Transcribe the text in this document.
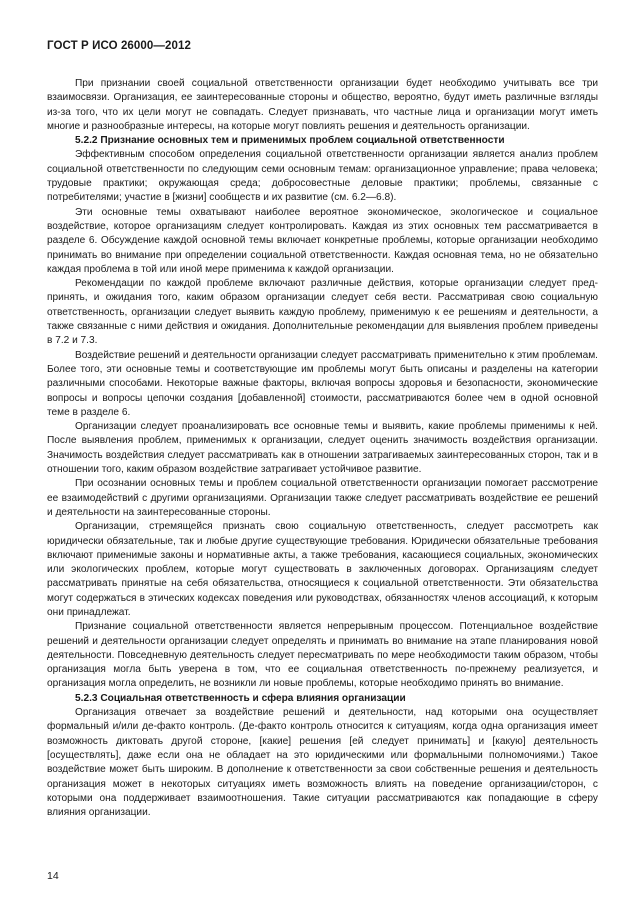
ГОСТ Р ИСО 26000—2012

При признании своей социальной ответственности организации будет необходимо учитывать все три взаимосвязи. Организация, ее заинтересованные стороны и общество, вероятно, будут иметь различные взгляды из-за того, что их цели могут не совпадать. Следует признавать, что частные лица и организации могут иметь многие и разнообразные интересы, на которые могут повлиять решения и деятельность организации.

5.2.2 Признание основных тем и применимых проблем социальной ответственности

Эффективным способом определения социальной ответственности организации является анализ проблем социальной ответственности по следующим семи основным темам: организационное управление; права человека; трудовые практики; окружающая среда; добросовестные деловые практики; проблемы, связанные с потребителями; участие в [жизни] сообществ и их развитие (см. 6.2—6.8).

Эти основные темы охватывают наиболее вероятное экономическое, экологическое и социальное воздействие, которое организациям следует контролировать. Каждая из этих основных тем рассматривается в разделе 6. Обсуждение каждой основной темы включает конкретные проблемы, которые организации необходимо принимать во внимание при определении социальной ответственности. Каждая основная тема, но не обязательно каждая проблема в той или иной мере применима к каждой организации.

Рекомендации по каждой проблеме включают различные действия, которые организации следует предпринять, и ожидания того, каким образом организации следует себя вести. Рассматривая свою социальную ответственность, организации следует выявить каждую проблему, применимую к ее решениям и деятельности, а также связанные с ними действия и ожидания. Дополнительные рекомендации для выявления проблем приведены в 7.2 и 7.3.

Воздействие решений и деятельности организации следует рассматривать применительно к этим проблемам. Более того, эти основные темы и соответствующие им проблемы могут быть описаны и разделены на категории различными способами. Некоторые важные факторы, включая вопросы здоровья и безопасности, экономические вопросы и вопросы цепочки создания [добавленной] стоимости, рассматриваются более чем в одной основной теме в разделе 6.

Организации следует проанализировать все основные темы и выявить, какие проблемы применимы к ней. После выявления проблем, применимых к организации, следует оценить значимость воздействия организации. Значимость воздействия следует рассматривать как в отношении затрагиваемых заинтересованных сторон, так и в отношении того, каким образом воздействие затрагивает устойчивое развитие.

При осознании основных темы и проблем социальной ответственности организации помогает рассмотрение ее взаимодействий с другими организациями. Организации также следует рассматривать воздействие ее решений и деятельности на заинтересованные стороны.

Организации, стремящейся признать свою социальную ответственность, следует рассмотреть как юридически обязательные, так и любые другие существующие требования. Юридически обязательные требования включают применимые законы и нормативные акты, а также требования, касающиеся социальных, экономических или экологических проблем, которые могут существовать в заключенных договорах. Организациям следует рассматривать принятые на себя обязательства, относящиеся к социальной ответственности. Эти обязательства могут содержаться в этических кодексах поведения или руководствах, обязанностях членов ассоциаций, к которым они принадлежат.

Признание социальной ответственности является непрерывным процессом. Потенциальное воздействие решений и деятельности организации следует определять и принимать во внимание на этапе планирования новой деятельности. Повседневную деятельность следует пересматривать по мере необходимости таким образом, чтобы организация могла быть уверена в том, что ее социальная ответственность по-прежнему реализуется, и организация могла определить, не возникли ли новые проблемы, которые необходимо принять во внимание.

5.2.3 Социальная ответственность и сфера влияния организации

Организация отвечает за воздействие решений и деятельности, над которыми она осуществляет формальный и/или де-факто контроль. (Де-факто контроль относится к ситуациям, когда одна организация имеет возможность диктовать другой стороне, [какие] решения [ей следует принимать] и [какую] деятельность [осуществлять], даже если она не обладает на это юридическими или формальными полномочиями.) Такое воздействие может быть широким. В дополнение к ответственности за свои собственные решения и деятельность организация может в некоторых ситуациях иметь возможность влиять на поведение организации/сторон, с которыми она поддерживает взаимоотношения. Такие ситуации рассматриваются как попадающие в сферу влияния организации.

14
